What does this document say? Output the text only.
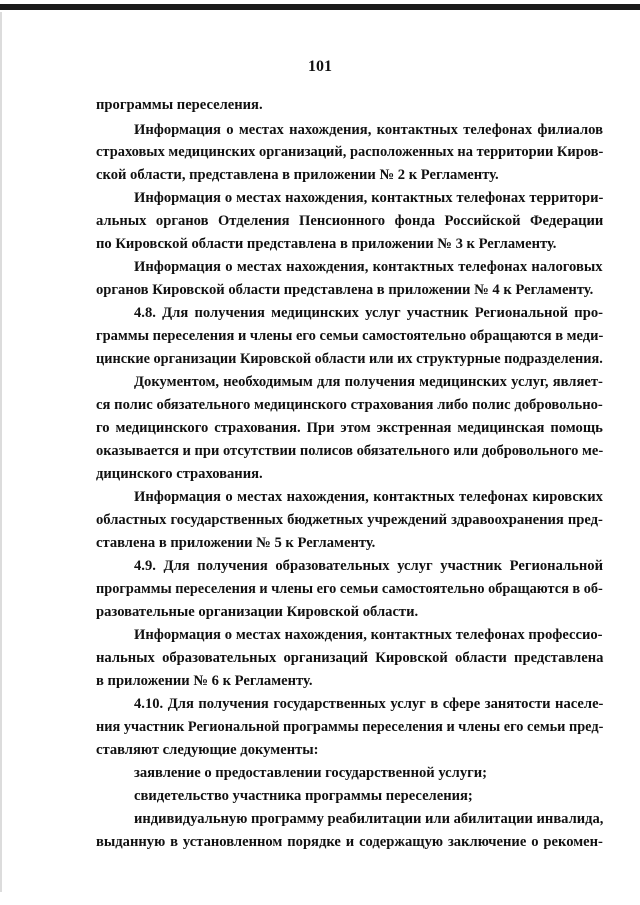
101
программы переселения.
Информация о местах нахождения, контактных телефонах филиалов
страховых медицинских организаций, расположенных на территории Киров-
ской области, представлена в приложении № 2 к Регламенту.
Информация о местах нахождения, контактных телефонах территори-
альных органов Отделения Пенсионного фонда Российской Федерации
по Кировской области представлена в приложении № 3 к Регламенту.
Информация о местах нахождения, контактных телефонах налоговых
органов Кировской области представлена в приложении № 4 к Регламенту.
4.8. Для получения медицинских услуг участник Региональной про-
граммы переселения и члены его семьи самостоятельно обращаются в меди-
цинские организации Кировской области или их структурные подразделения.
Документом, необходимым для получения медицинских услуг, являет-
ся полис обязательного медицинского страхования либо полис добровольно-
го медицинского страхования. При этом экстренная медицинская помощь
оказывается и при отсутствии полисов обязательного или добровольного ме-
дицинского страхования.
Информация о местах нахождения, контактных телефонах кировских
областных государственных бюджетных учреждений здравоохранения пред-
ставлена в приложении № 5 к Регламенту.
4.9. Для получения образовательных услуг участник Региональной
программы переселения и члены его семьи самостоятельно обращаются в об-
разовательные организации Кировской области.
Информация о местах нахождения, контактных телефонах профессио-
нальных образовательных организаций Кировской области представлена
в приложении № 6 к Регламенту.
4.10. Для получения государственных услуг в сфере занятости населе-
ния участник Региональной программы переселения и члены его семьи пред-
ставляют следующие документы:
заявление о предоставлении государственной услуги;
свидетельство участника программы переселения;
индивидуальную программу реабилитации или абилитации инвалида,
выданную в установленном порядке и содержащую заключение о рекомен-
